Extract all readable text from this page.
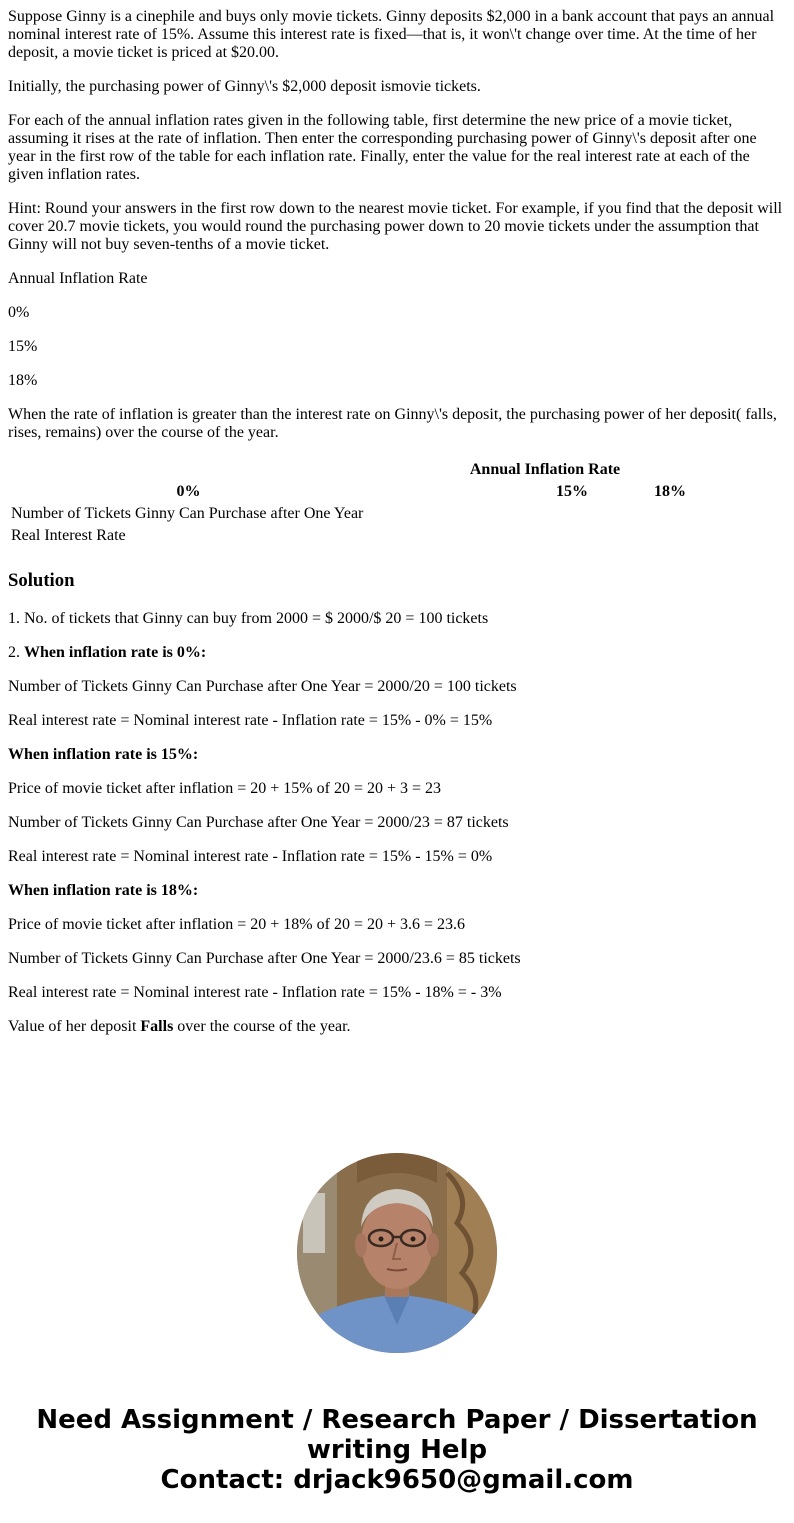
Suppose Ginny is a cinephile and buys only movie tickets. Ginny deposits $2,000 in a bank account that pays an annual nominal interest rate of 15%. Assume this interest rate is fixed—that is, it won\'t change over time. At the time of her deposit, a movie ticket is priced at $20.00.

Initially, the purchasing power of Ginny\'s $2,000 deposit ismovie tickets.

For each of the annual inflation rates given in the following table, first determine the new price of a movie ticket, assuming it rises at the rate of inflation. Then enter the corresponding purchasing power of Ginny\'s deposit after one year in the first row of the table for each inflation rate. Finally, enter the value for the real interest rate at each of the given inflation rates.

Hint: Round your answers in the first row down to the nearest movie ticket. For example, if you find that the deposit will cover 20.7 movie tickets, you would round the purchasing power down to 20 movie tickets under the assumption that Ginny will not buy seven-tenths of a movie ticket.

Annual Inflation Rate

0%

15%

18%

When the rate of inflation is greater than the interest rate on Ginny\'s deposit, the purchasing power of her deposit( falls, rises, remains) over the course of the year.

	Annual Inflation Rate		
0%		15%	18%
Number of Tickets Ginny Can Purchase after One Year			
Real Interest Rate			
Solution

1. No. of tickets that Ginny can buy from 2000 = $ 2000/$ 20 = 100 tickets

2. When inflation rate is 0%:

Number of Tickets Ginny Can Purchase after One Year = 2000/20 = 100 tickets

Real interest rate = Nominal interest rate - Inflation rate = 15% - 0% = 15%

When inflation rate is 15%:

Price of movie ticket after inflation = 20 + 15% of 20 = 20 + 3 = 23

Number of Tickets Ginny Can Purchase after One Year = 2000/23 = 87 tickets

Real interest rate = Nominal interest rate - Inflation rate = 15% - 15% = 0%

When inflation rate is 18%:

Price of movie ticket after inflation = 20 + 18% of 20 = 20 + 3.6 = 23.6

Number of Tickets Ginny Can Purchase after One Year = 2000/23.6 = 85 tickets

Real interest rate = Nominal interest rate - Inflation rate = 15% - 18% = - 3%

Value of her deposit Falls over the course of the year.

Need Assignment / Research Paper / Dissertation
writing Help
Contact: drjack9650@gmail.com
